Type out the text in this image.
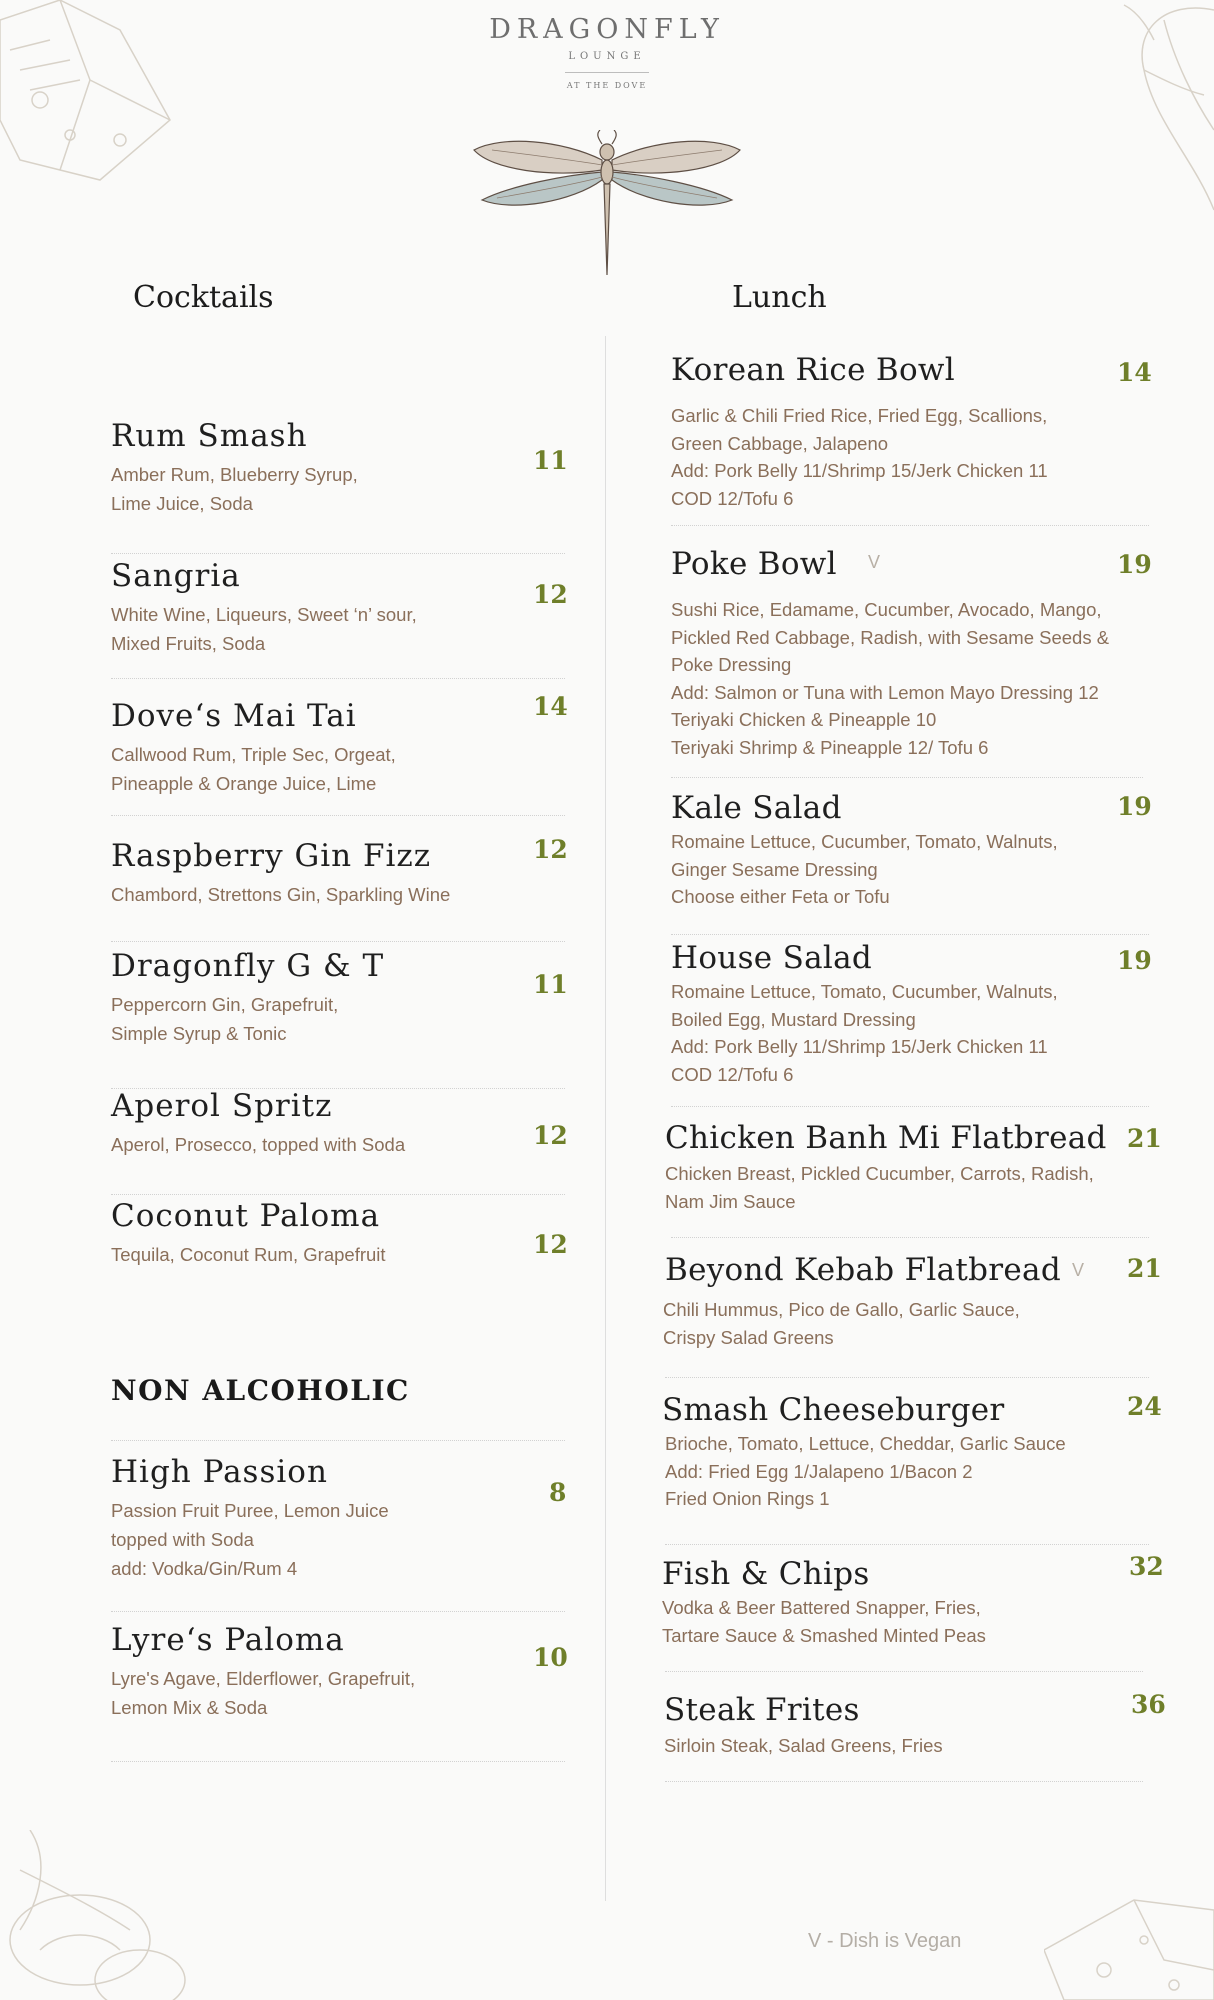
DRAGONFLY
LOUNGE
AT THE DOVE
Cocktails	Lunch
Rum Smash
Amber Rum, Blueberry Syrup,
Lime Juice, Soda
11
Sangria
White Wine, Liqueurs, Sweet ‘n’ sour,
Mixed Fruits, Soda
12
Dove‘s Mai Tai
Callwood Rum, Triple Sec, Orgeat,
Pineapple & Orange Juice, Lime
14
Raspberry Gin Fizz
Chambord, Strettons Gin, Sparkling Wine
12
Dragonfly G & T
Peppercorn Gin, Grapefruit,
Simple Syrup & Tonic
11
Aperol Spritz
Aperol, Prosecco, topped with Soda	12
Coconut Paloma
Tequila, Coconut Rum, Grapefruit	12
NON ALCOHOLIC
High Passion
Passion Fruit Puree, Lemon Juice
topped with Soda
add: Vodka/Gin/Rum 4
8
Lyre‘s Paloma
Lyre's Agave, Elderflower, Grapefruit,
Lemon Mix & Soda
10
Korean Rice Bowl
Garlic & Chili Fried Rice, Fried Egg, Scallions,
Green Cabbage, Jalapeno
Add: Pork Belly 11/Shrimp 15/Jerk Chicken 11
COD 12/Tofu 6
14
Poke Bowl
Sushi Rice, Edamame, Cucumber, Avocado, Mango,
Pickled Red Cabbage, Radish, with Sesame Seeds &
Poke Dressing
Add: Salmon or Tuna with Lemon Mayo Dressing 12
Teriyaki Chicken & Pineapple 10
Teriyaki Shrimp & Pineapple 12/ Tofu 6
V	19
Kale Salad
Romaine Lettuce, Cucumber, Tomato, Walnuts,
Ginger Sesame Dressing
Choose either Feta or Tofu
19
House Salad
Romaine Lettuce, Tomato, Cucumber, Walnuts,
Boiled Egg, Mustard Dressing
Add: Pork Belly 11/Shrimp 15/Jerk Chicken 11
COD 12/Tofu 6
19
Chicken Banh Mi Flatbread
Chicken Breast, Pickled Cucumber, Carrots, Radish,
Nam Jim Sauce
21
Beyond Kebab Flatbread
Chili Hummus, Pico de Gallo, Garlic Sauce,
Crispy Salad Greens
V 21
Smash Cheeseburger
Brioche, Tomato, Lettuce, Cheddar, Garlic Sauce
Add: Fried Egg 1/Jalapeno 1/Bacon 2
Fried Onion Rings 1
24
Fish & Chips
Vodka & Beer Battered Snapper, Fries,
Tartare Sauce & Smashed Minted Peas
32
Steak Frites
Sirloin Steak, Salad Greens, Fries
36
V - Dish is Vegan
